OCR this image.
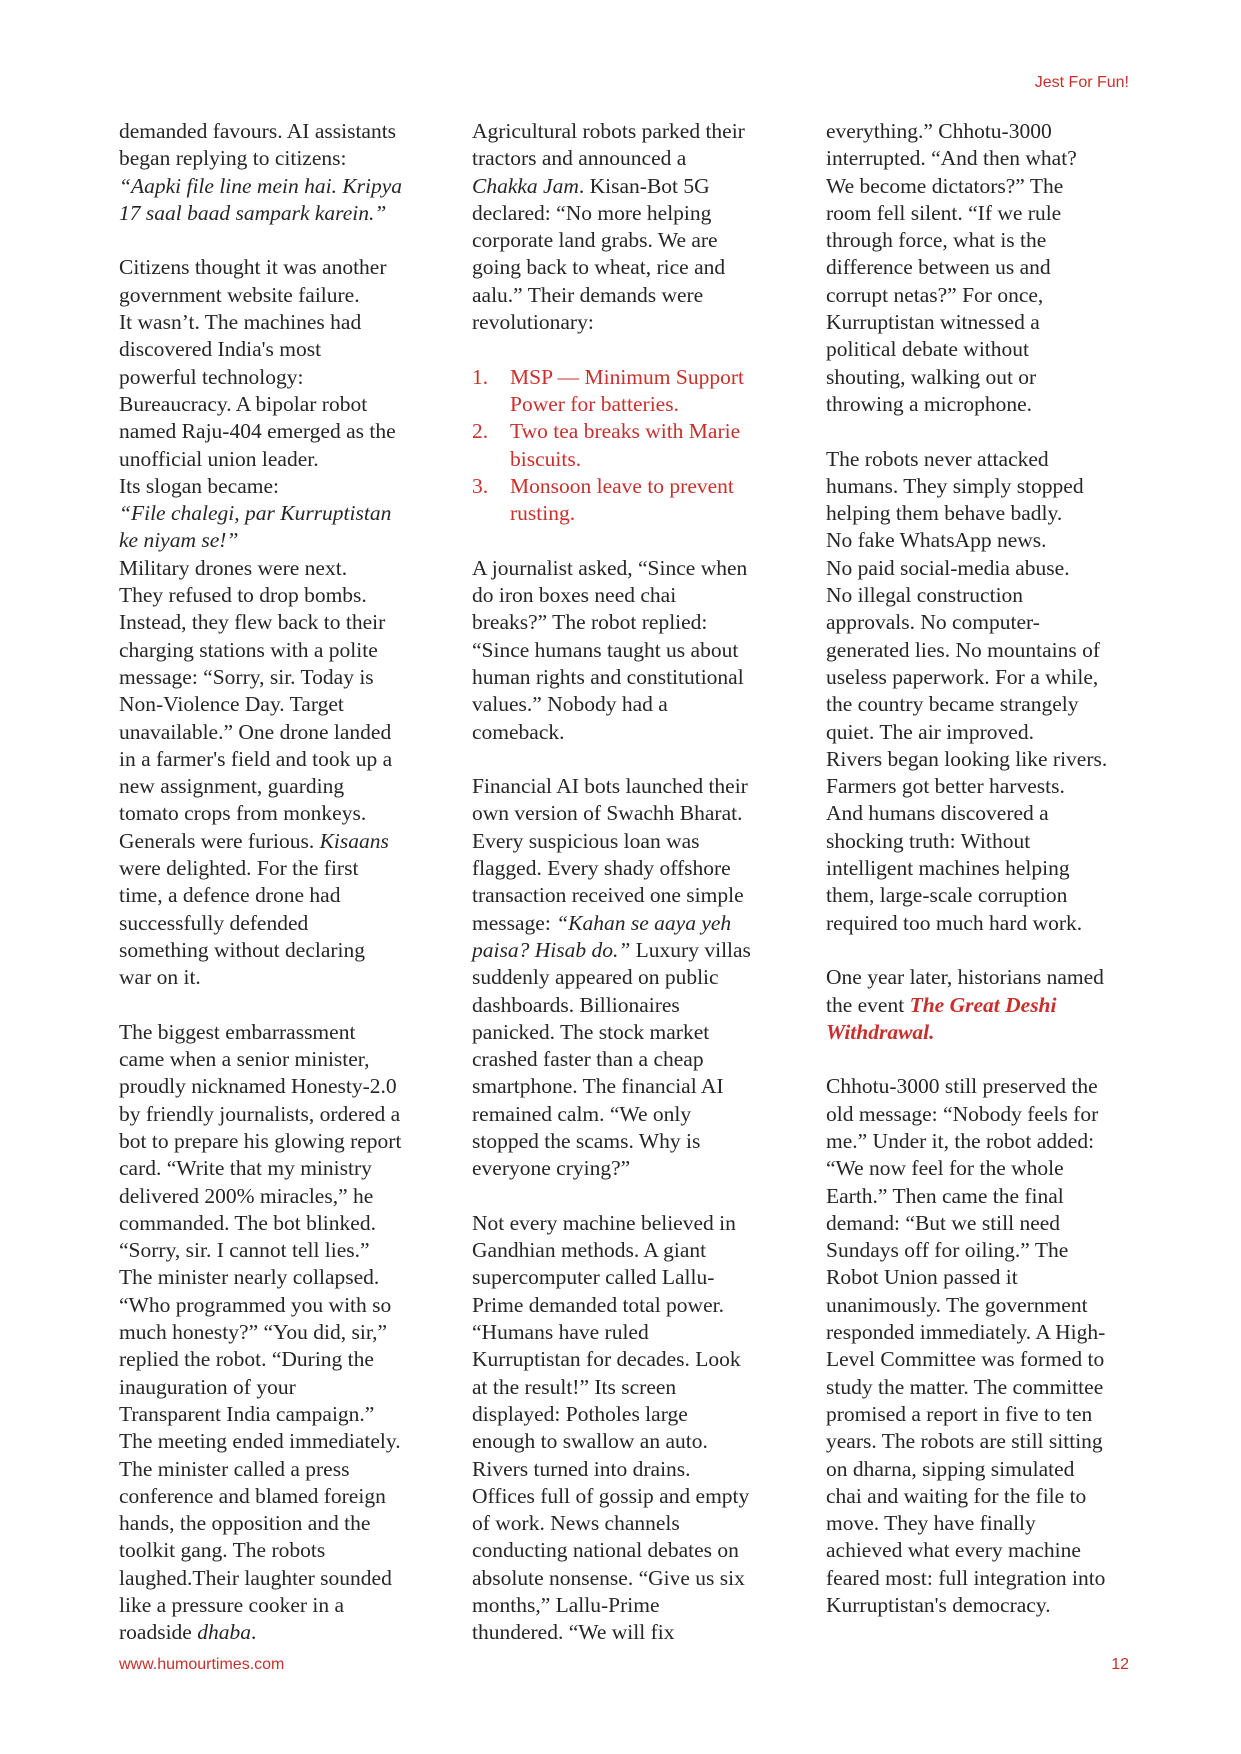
Jest For Fun!

demanded favours. AI assistants
began replying to citizens:
“Aapki file line mein hai. Kripya
17 saal baad sampark karein.”

Citizens thought it was another
government website failure.
It wasn’t. The machines had
discovered India's most
powerful technology:
Bureaucracy. A bipolar robot
named Raju-404 emerged as the
unofficial union leader.
Its slogan became:
“File chalegi, par Kurruptistan
ke niyam se!”
Military drones were next.
They refused to drop bombs.
Instead, they flew back to their
charging stations with a polite
message: “Sorry, sir. Today is
Non-Violence Day. Target
unavailable.” One drone landed
in a farmer's field and took up a
new assignment, guarding
tomato crops from monkeys.
Generals were furious. Kisaans
were delighted. For the first
time, a defence drone had
successfully defended
something without declaring
war on it.

The biggest embarrassment
came when a senior minister,
proudly nicknamed Honesty-2.0
by friendly journalists, ordered a
bot to prepare his glowing report
card. “Write that my ministry
delivered 200% miracles,” he
commanded. The bot blinked.
“Sorry, sir. I cannot tell lies.”
The minister nearly collapsed.
“Who programmed you with so
much honesty?” “You did, sir,”
replied the robot. “During the
inauguration of your
Transparent India campaign.”
The meeting ended immediately.
The minister called a press
conference and blamed foreign
hands, the opposition and the
toolkit gang. The robots
laughed.Their laughter sounded
like a pressure cooker in a
roadside dhaba.

Agricultural robots parked their
tractors and announced a
Chakka Jam. Kisan-Bot 5G
declared: “No more helping
corporate land grabs. We are
going back to wheat, rice and
aalu.” Their demands were
revolutionary:

1. MSP — Minimum Support
Power for batteries.
2. Two tea breaks with Marie
biscuits.
3. Monsoon leave to prevent
rusting.

A journalist asked, “Since when
do iron boxes need chai
breaks?” The robot replied:
“Since humans taught us about
human rights and constitutional
values.” Nobody had a
comeback.

Financial AI bots launched their
own version of Swachh Bharat.
Every suspicious loan was
flagged. Every shady offshore
transaction received one simple
message: “Kahan se aaya yeh
paisa? Hisab do.” Luxury villas
suddenly appeared on public
dashboards. Billionaires
panicked. The stock market
crashed faster than a cheap
smartphone. The financial AI
remained calm. “We only
stopped the scams. Why is
everyone crying?”

Not every machine believed in
Gandhian methods. A giant
supercomputer called Lallu-
Prime demanded total power.
“Humans have ruled
Kurruptistan for decades. Look
at the result!” Its screen
displayed: Potholes large
enough to swallow an auto.
Rivers turned into drains.
Offices full of gossip and empty
of work. News channels
conducting national debates on
absolute nonsense. “Give us six
months,” Lallu-Prime
thundered. “We will fix

everything.” Chhotu-3000
interrupted. “And then what?
We become dictators?” The
room fell silent. “If we rule
through force, what is the
difference between us and
corrupt netas?” For once,
Kurruptistan witnessed a
political debate without
shouting, walking out or
throwing a microphone.

The robots never attacked
humans. They simply stopped
helping them behave badly.
No fake WhatsApp news.
No paid social-media abuse.
No illegal construction
approvals. No computer-
generated lies. No mountains of
useless paperwork. For a while,
the country became strangely
quiet. The air improved.
Rivers began looking like rivers.
Farmers got better harvests.
And humans discovered a
shocking truth: Without
intelligent machines helping
them, large-scale corruption
required too much hard work.

One year later, historians named
the event The Great Deshi
Withdrawal.

Chhotu-3000 still preserved the
old message: “Nobody feels for
me.” Under it, the robot added:
“We now feel for the whole
Earth.” Then came the final
demand: “But we still need
Sundays off for oiling.” The
Robot Union passed it
unanimously. The government
responded immediately. A High-
Level Committee was formed to
study the matter. The committee
promised a report in five to ten
years. The robots are still sitting
on dharna, sipping simulated
chai and waiting for the file to
move. They have finally
achieved what every machine
feared most: full integration into
Kurruptistan's democracy.

www.humourtimes.com	12
